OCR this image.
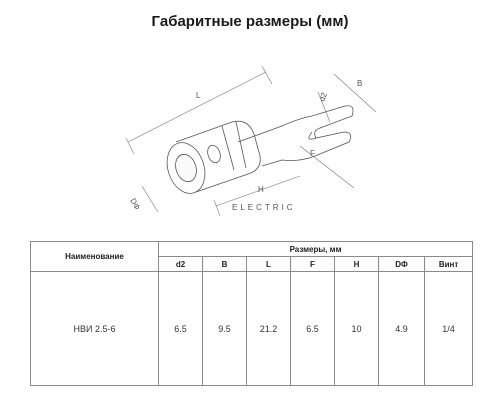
Габаритные размеры (мм)
ELECTRIC
L
B
d2
F
H
DФ
Наименование	Размеры, мм						
	d2	B	L	F	H	DФ	Винт
НВИ 2.5-6	6.5	9.5	21.2	6.5	10	4.9	1/4
